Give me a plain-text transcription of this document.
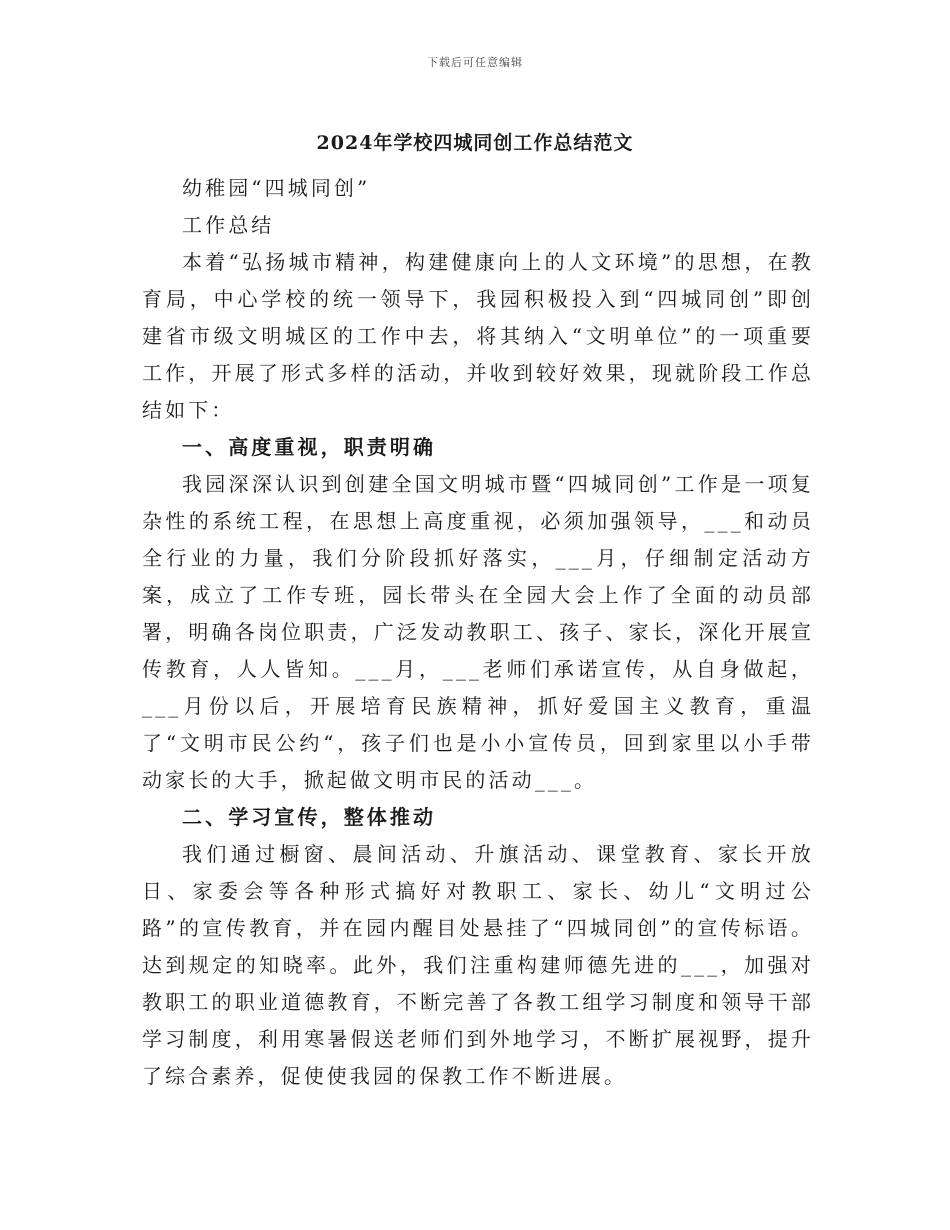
下载后可任意编辑
2024年学校四城同创工作总结范文

幼稚园“四城同创”

工作总结

本着“弘扬城市精神，构建健康向上的人文环境”的思想，在教育局，中心学校的统一领导下，我园积极投入到“四城同创”即创建省市级文明城区的工作中去，将其纳入“文明单位”的一项重要工作，开展了形式多样的活动，并收到较好效果，现就阶段工作总结如下：

一、高度重视，职责明确

我园深深认识到创建全国文明城市暨“四城同创”工作是一项复杂性的系统工程，在思想上高度重视，必须加强领导，___和动员全行业的力量，我们分阶段抓好落实，___月，仔细制定活动方案，成立了工作专班，园长带头在全园大会上作了全面的动员部署，明确各岗位职责，广泛发动教职工、孩子、家长，深化开展宣传教育，人人皆知。___月，___老师们承诺宣传，从自身做起，___月份以后，开展培育民族精神，抓好爱国主义教育，重温了“文明市民公约“，孩子们也是小小宣传员，回到家里以小手带动家长的大手，掀起做文明市民的活动___。

二、学习宣传，整体推动

我们通过橱窗、晨间活动、升旗活动、课堂教育、家长开放日、家委会等各种形式搞好对教职工、家长、幼儿“文明过公路”的宣传教育，并在园内醒目处悬挂了“四城同创”的宣传标语。达到规定的知晓率。此外，我们注重构建师德先进的___，加强对教职工的职业道德教育，不断完善了各教工组学习制度和领导干部学习制度，利用寒暑假送老师们到外地学习，不断扩展视野，提升了综合素养，促使使我园的保教工作不断进展。
